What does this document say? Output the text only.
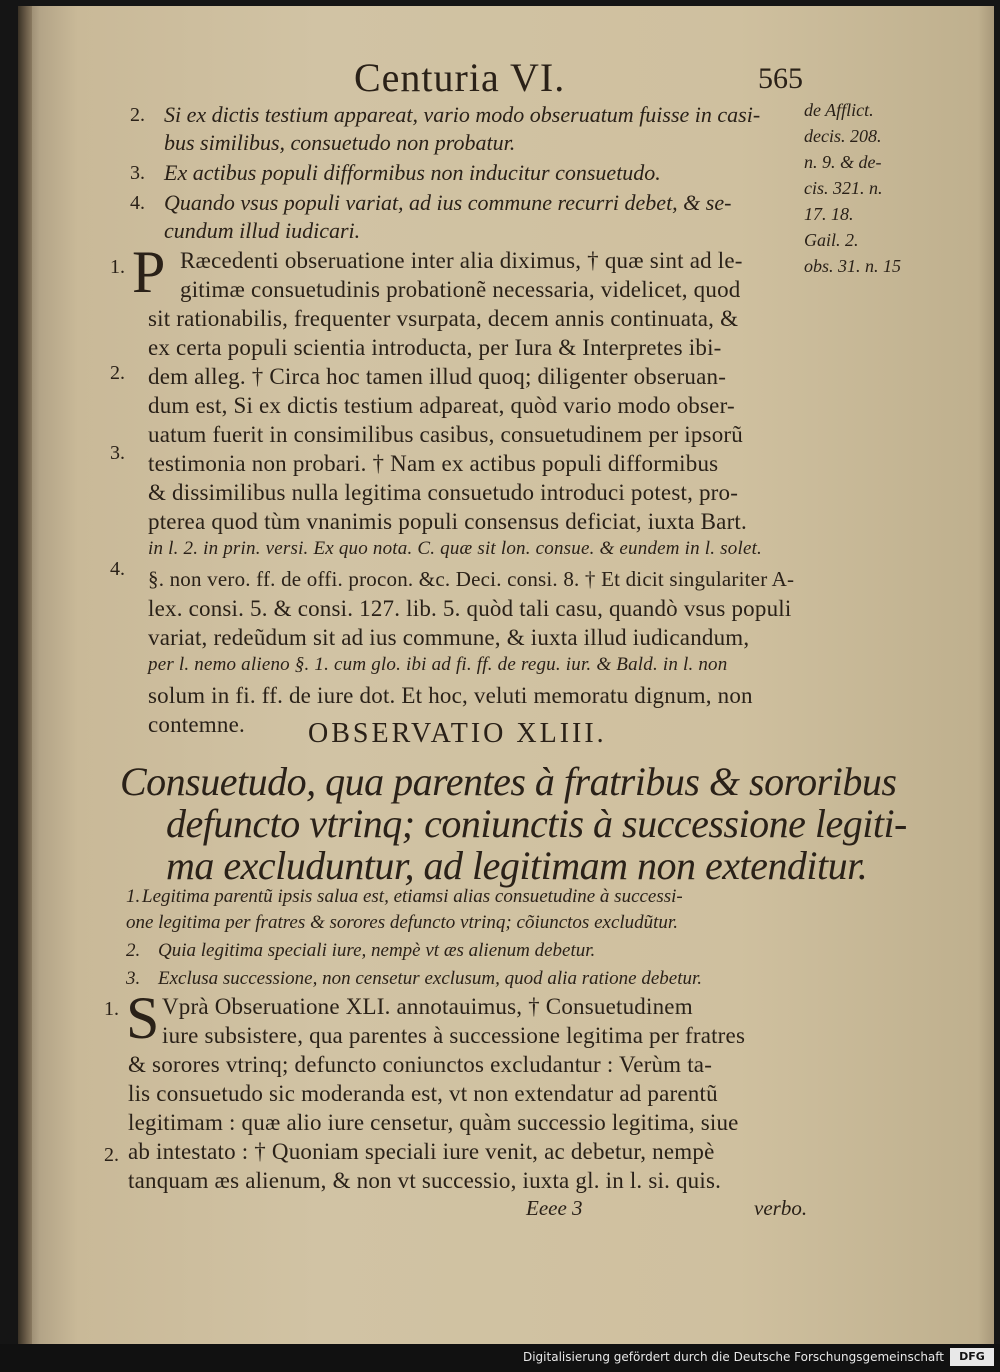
Centuria VI.	565
2. Si ex dictis testium appareat, vario modo obseruatum fuisse in casi-
bus similibus, consuetudo non probatur.
3. Ex actibus populi difformibus non inducitur consuetudo.
4. Quando vsus populi variat, ad ius commune recurri debet, & se-
cundum illud iudicari.
de Afflict.
decis. 208.
n. 9. & de-
cis. 321. n.
17. 18.
Gail. 2.
obs. 31. n. 15
1.
2.
3.
4.
P Ræcedenti obseruatione inter alia diximus, † quæ sint ad le-
gitimæ consuetudinis probationẽ necessaria, videlicet, quod
sit rationabilis, frequenter vsurpata, decem annis continuata, &
ex certa populi scientia introducta, per Iura & Interpretes ibi-
dem alleg. † Circa hoc tamen illud quoq; diligenter obseruan-
dum est, Si ex dictis testium adpareat, quòd vario modo obser-
uatum fuerit in consimilibus casibus, consuetudinem per ipsorũ
testimonia non probari. † Nam ex actibus populi difformibus
& dissimilibus nulla legitima consuetudo introduci potest, pro-
pterea quod tùm vnanimis populi consensus deficiat, iuxta Bart.
in l. 2. in prin. versi. Ex quo nota. C. quæ sit lon. consue. & eundem in l. solet.
§. non vero. ff. de offi. procon. &c. Deci. consi. 8. † Et dicit singulariter A-
lex. consi. 5. & consi. 127. lib. 5. quòd tali casu, quandò vsus populi
variat, redeũdum sit ad ius commune, & iuxta illud iudicandum,
per l. nemo alieno §. 1. cum glo. ibi ad fi. ff. de regu. iur. & Bald. in l. non
solum in fi. ff. de iure dot. Et hoc, veluti memoratu dignum, non
contemne. OBSERVATIO XLIII.
Consuetudo, qua parentes à fratribus & sororibus
defuncto vtrinq; coniunctis à successione legiti-
ma excluduntur, ad legitimam non extenditur.
1. Legitima parentũ ipsis salua est, etiamsi alias consuetudine à successi-
one legitima per fratres & sorores defuncto vtrinq; cõiunctos excludũtur.
2. Quia legitima speciali iure, nempè vt æs alienum debetur.
3. Exclusa successione, non censetur exclusum, quod alia ratione debetur.
1.
2.
S Vprà Obseruatione XLI. annotauimus, † Consuetudinem
iure subsistere, qua parentes à successione legitima per fratres
& sorores vtrinq; defuncto coniunctos excludantur : Verùm ta-
lis consuetudo sic moderanda est, vt non extendatur ad parentũ
legitimam : quæ alio iure censetur, quàm successio legitima, siue
ab intestato : † Quoniam speciali iure venit, ac debetur, nempè
tanquam æs alienum, & non vt successio, iuxta gl. in l. si. quis.
Eeee 3	verbo.
Digitalisierung gefördert durch die Deutsche Forschungsgemeinschaft	DFG
